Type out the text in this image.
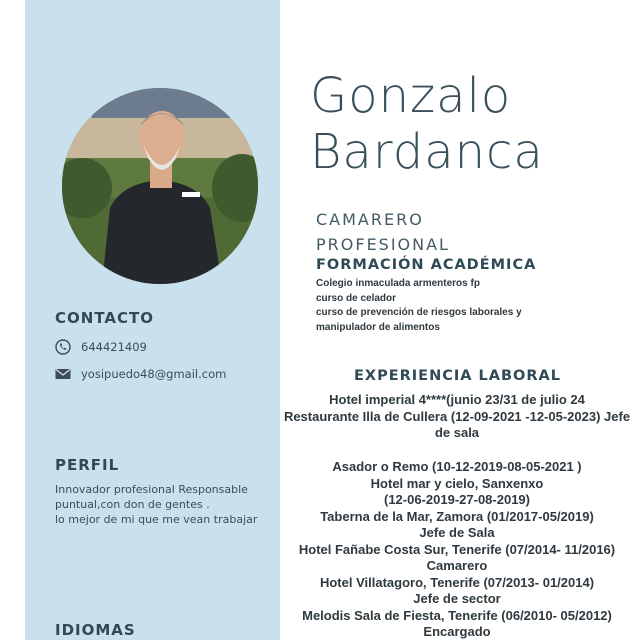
Gonzalo
Bardanca
CAMARERO
PROFESIONAL
FORMACIÓN ACADÉMICA
Colegio inmaculada armenteros fp
curso de celador
curso de prevención de riesgos laborales y
manipulador de alimentos
CONTACTO
644421409
yosipuedo48@gmail.com
PERFIL
Innovador profesional Responsable
puntual,con don de gentes .
lo mejor de mi que me vean trabajar
IDIOMAS
EXPERIENCIA LABORAL
Hotel imperial 4****(junio 23/31 de julio 24
Restaurante Illa de Cullera (12-09-2021 -12-05-2023) Jefe
de sala
Asador o Remo (10-12-2019-08-05-2021 )
Hotel mar y cielo, Sanxenxo
(12-06-2019-27-08-2019)
Taberna de la Mar, Zamora (01/2017-05/2019)
Jefe de Sala
Hotel Fañabe Costa Sur, Tenerife (07/2014- 11/2016)
Camarero
Hotel Villatagoro, Tenerife (07/2013- 01/2014)
Jefe de sector
Melodis Sala de Fiesta, Tenerife (06/2010- 05/2012)
Encargado
